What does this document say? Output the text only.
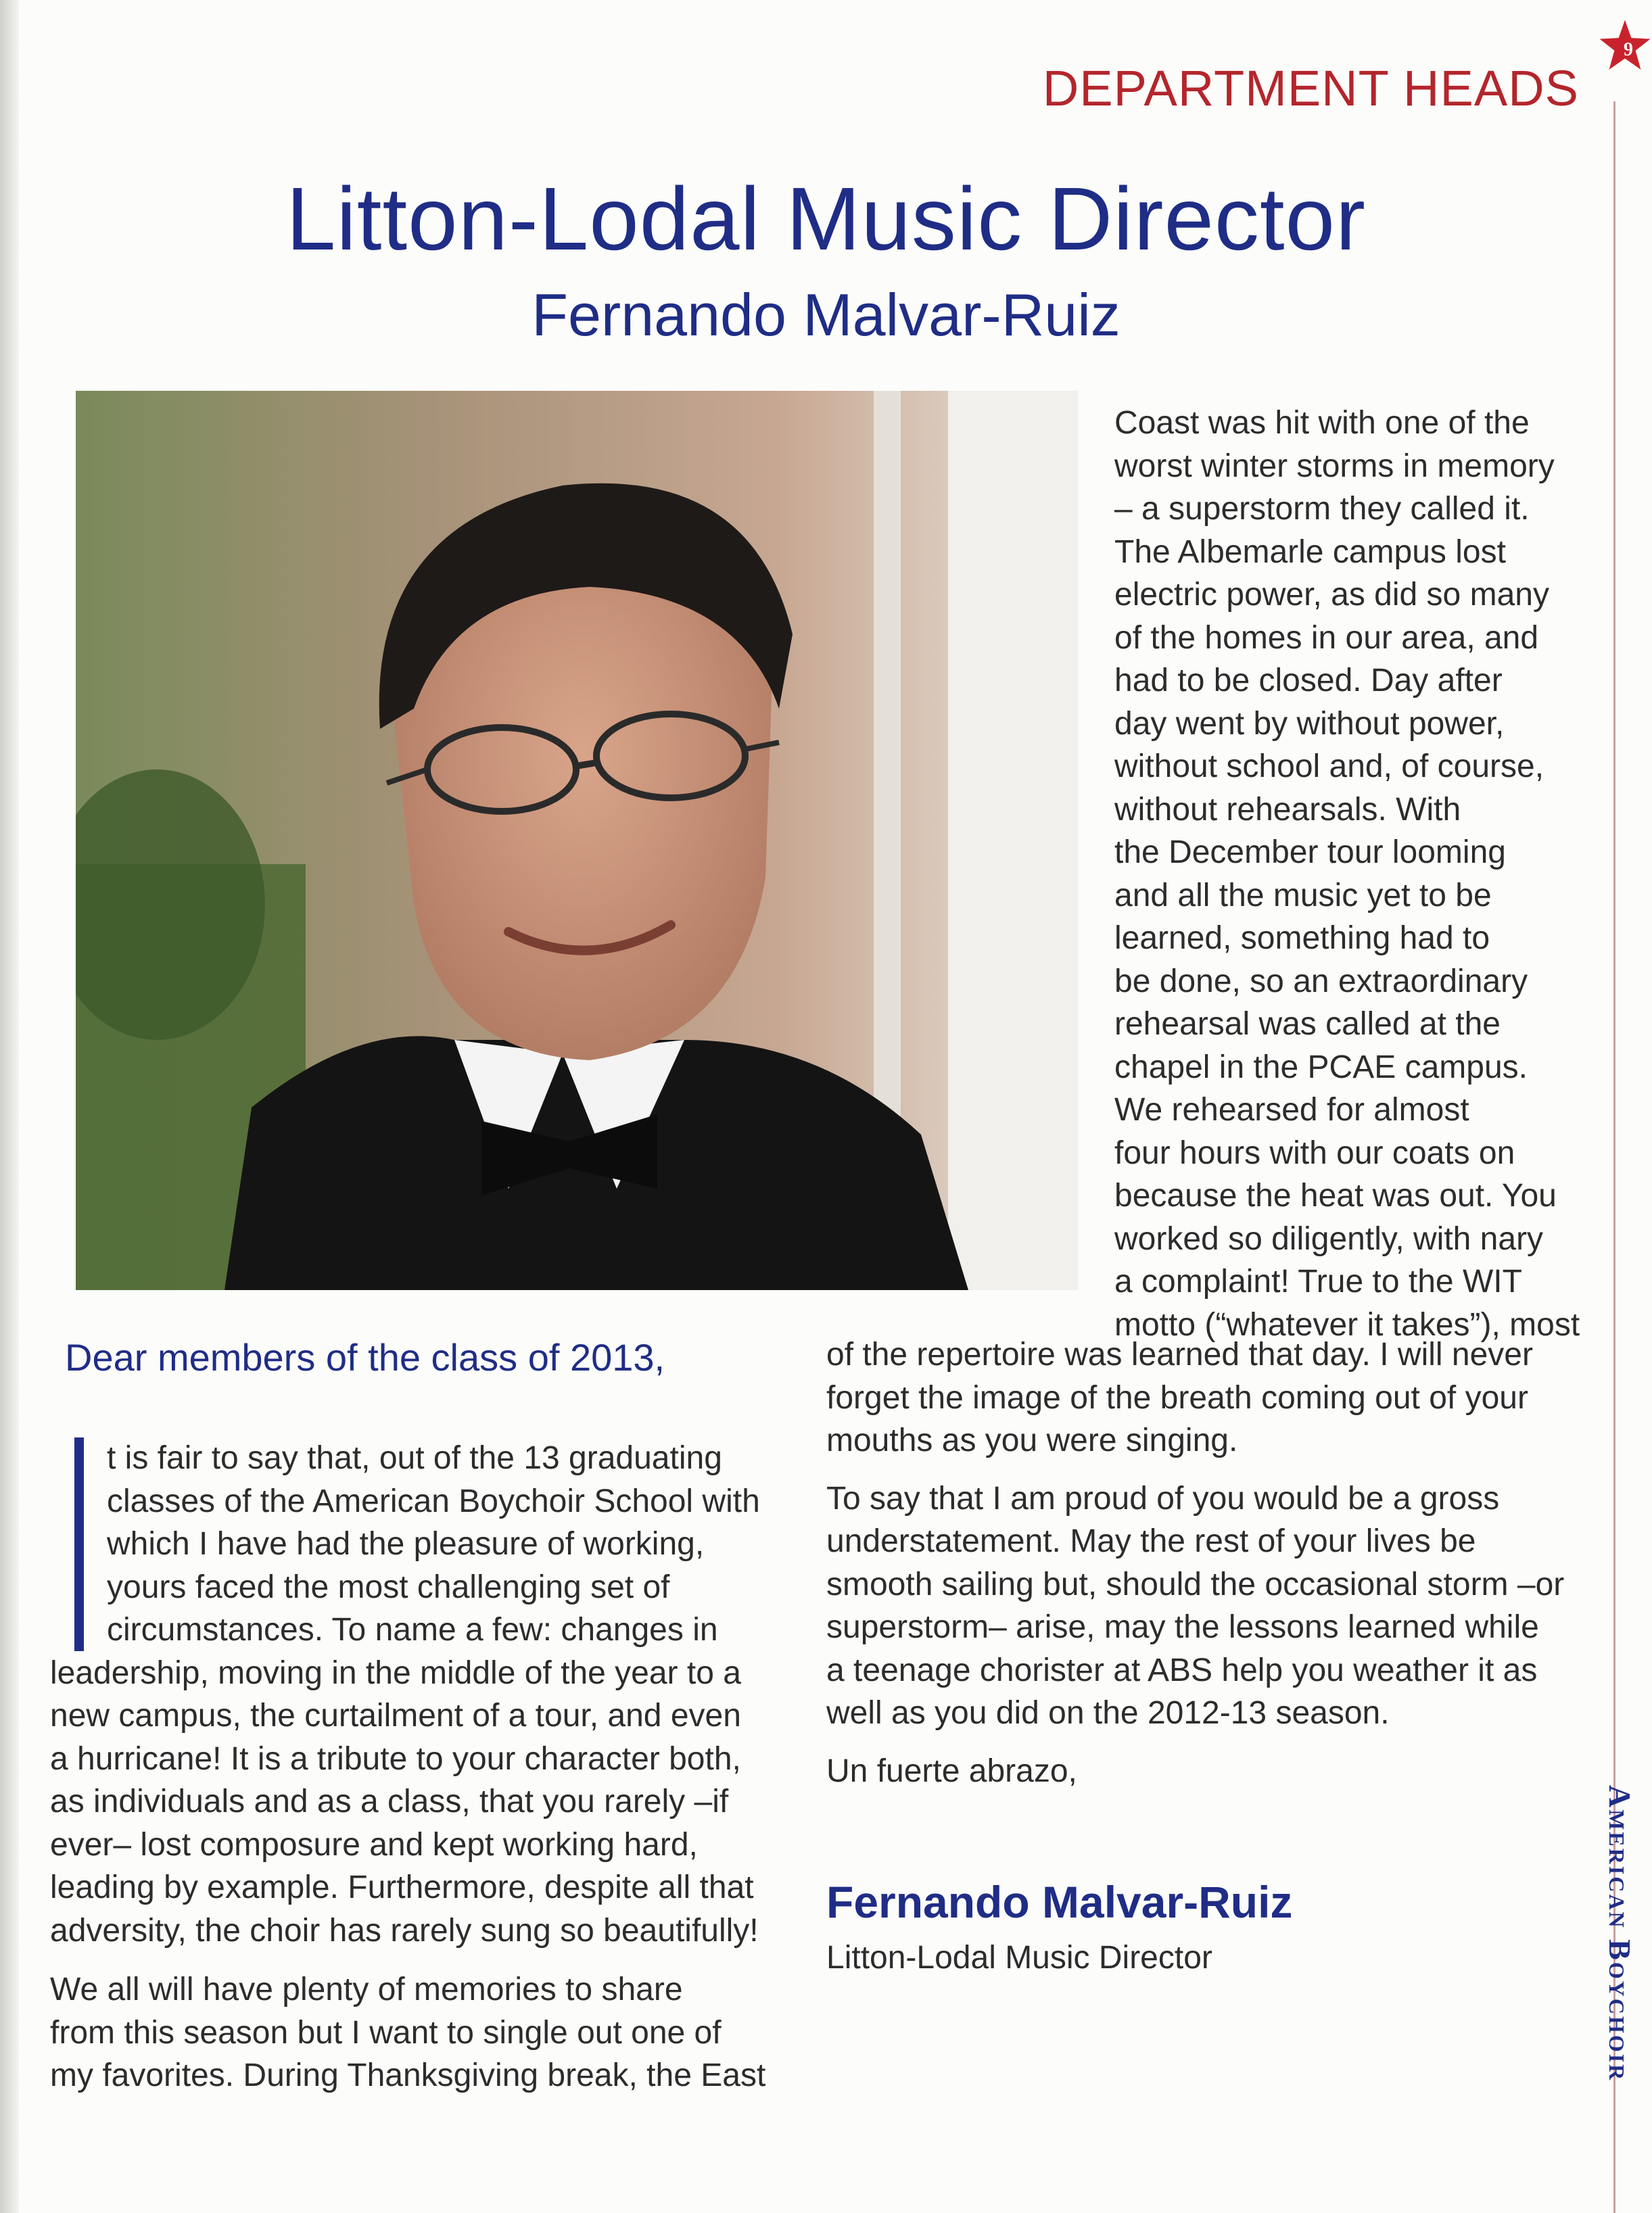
DEPARTMENT HEADS
9
Litton-Lodal Music Director
Fernando Malvar-Ruiz
Coast was hit with one of the
worst winter storms in memory
– a superstorm they called it.
The Albemarle campus lost
electric power, as did so many
of the homes in our area, and
had to be closed. Day after
day went by without power,
without school and, of course,
without rehearsals. With
the December tour looming
and all the music yet to be
learned, something had to
be done, so an extraordinary
rehearsal was called at the
chapel in the PCAE campus.
We rehearsed for almost
four hours with our coats on
because the heat was out. You
worked so diligently, with nary
a complaint! True to the WIT
motto (“whatever it takes”), most
Dear members of the class of 2013,

t is fair to say that, out of the 13 graduating
classes of the American Boychoir School with
which I have had the pleasure of working,
yours faced the most challenging set of
circumstances. To name a few: changes in
leadership, moving in the middle of the year to a
new campus, the curtailment of a tour, and even
a hurricane! It is a tribute to your character both,
as individuals and as a class, that you rarely –if
ever– lost composure and kept working hard,
leading by example. Furthermore, despite all that
adversity, the choir has rarely sung so beautifully!

We all will have plenty of memories to share
from this season but I want to single out one of
my favorites. During Thanksgiving break, the East

of the repertoire was learned that day. I will never
forget the image of the breath coming out of your
mouths as you were singing.

To say that I am proud of you would be a gross
understatement. May the rest of your lives be
smooth sailing but, should the occasional storm –or
superstorm– arise, may the lessons learned while
a teenage chorister at ABS help you weather it as
well as you did on the 2012-13 season.

Un fuerte abrazo,

Fernando Malvar-Ruiz
Litton-Lodal Music Director	American Boychoir
